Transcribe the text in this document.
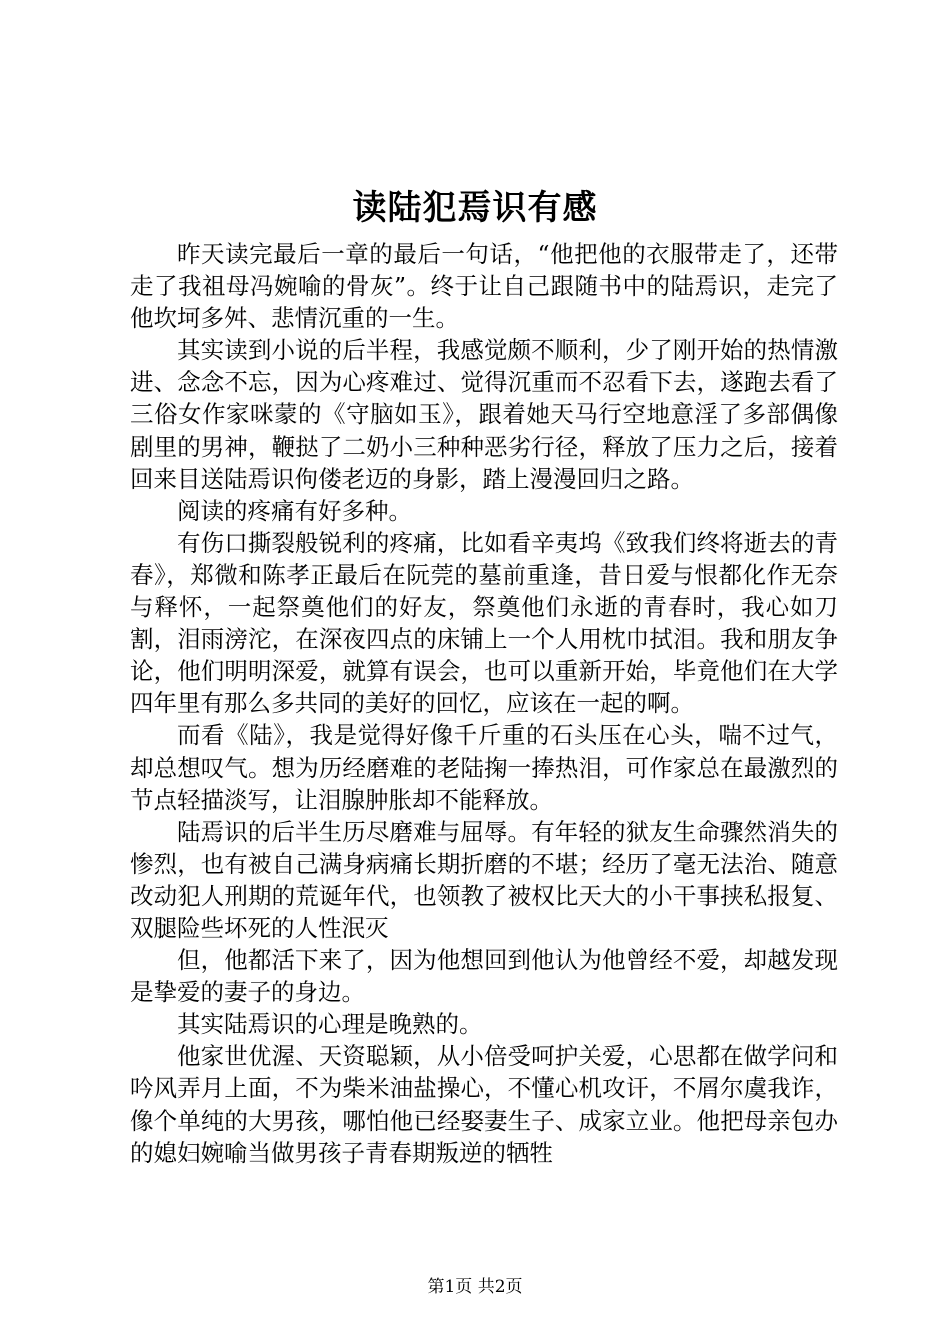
读陆犯焉识有感

昨天读完最后一章的最后一句话，“他把他的衣服带走了，还带走了我祖母冯婉喻的骨灰”。终于让自己跟随书中的陆焉识，走完了他坎坷多舛、悲情沉重的一生。

其实读到小说的后半程，我感觉颇不顺利，少了刚开始的热情激进、念念不忘，因为心疼难过、觉得沉重而不忍看下去，遂跑去看了三俗女作家咪蒙的《守脑如玉》，跟着她天马行空地意淫了多部偶像剧里的男神，鞭挞了二奶小三种种恶劣行径，释放了压力之后，接着回来目送陆焉识佝偻老迈的身影，踏上漫漫回归之路。

阅读的疼痛有好多种。

有伤口撕裂般锐利的疼痛，比如看辛夷坞《致我们终将逝去的青春》，郑微和陈孝正最后在阮莞的墓前重逢，昔日爱与恨都化作无奈与释怀，一起祭奠他们的好友，祭奠他们永逝的青春时，我心如刀割，泪雨滂沱，在深夜四点的床铺上一个人用枕巾拭泪。我和朋友争论，他们明明深爱，就算有误会，也可以重新开始，毕竟他们在大学四年里有那么多共同的美好的回忆，应该在一起的啊。

而看《陆》，我是觉得好像千斤重的石头压在心头，喘不过气，却总想叹气。想为历经磨难的老陆掬一捧热泪，可作家总在最激烈的节点轻描淡写，让泪腺肿胀却不能释放。

陆焉识的后半生历尽磨难与屈辱。有年轻的狱友生命骤然消失的惨烈，也有被自己满身病痛长期折磨的不堪；经历了毫无法治、随意改动犯人刑期的荒诞年代，也领教了被权比天大的小干事挟私报复、双腿险些坏死的人性泯灭

但，他都活下来了，因为他想回到他认为他曾经不爱，却越发现是挚爱的妻子的身边。

其实陆焉识的心理是晚熟的。

他家世优渥、天资聪颖，从小倍受呵护关爱，心思都在做学问和吟风弄月上面，不为柴米油盐操心，不懂心机攻讦，不屑尔虞我诈，像个单纯的大男孩，哪怕他已经娶妻生子、成家立业。他把母亲包办的媳妇婉喻当做男孩子青春期叛逆的牺牲

第1页 共2页
